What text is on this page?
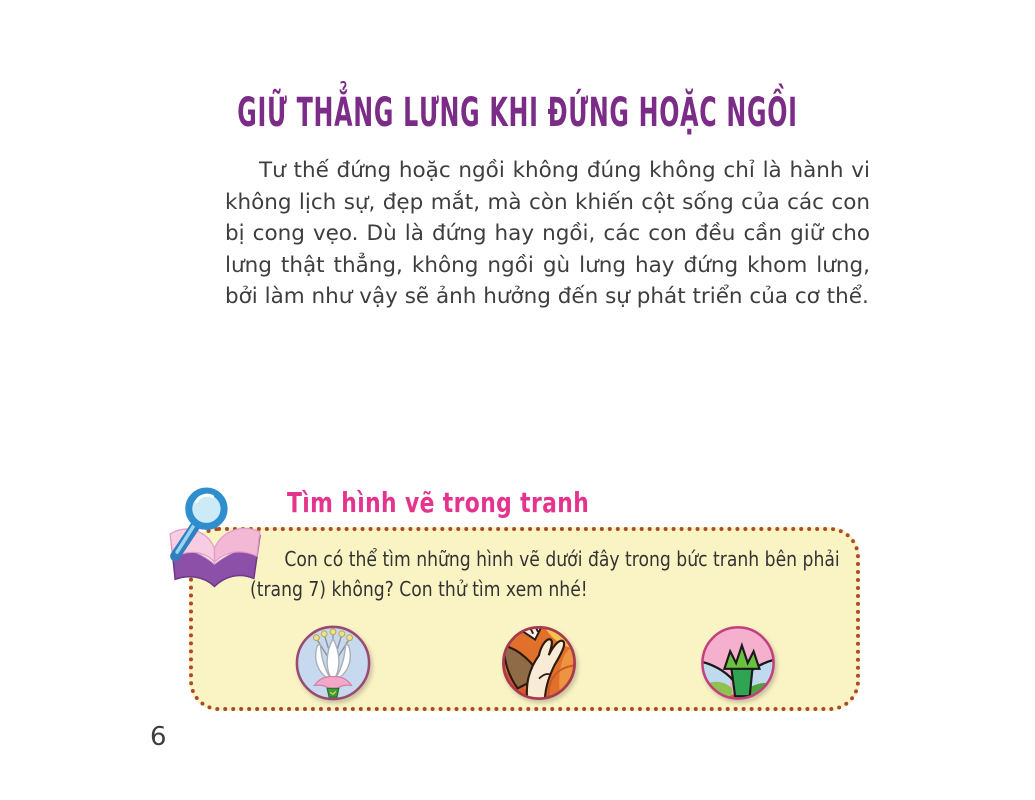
GIỮ THẲNG LƯNG KHI ĐỨNG HOẶC NGỒI

Tư thế đứng hoặc ngồi không đúng không chỉ là hành vi không lịch sự, đẹp mắt, mà còn khiến cột sống của các con bị cong vẹo. Dù là đứng hay ngồi, các con đều cần giữ cho lưng thật thẳng, không ngồi gù lưng hay đứng khom lưng, bởi làm như vậy sẽ ảnh hưởng đến sự phát triển của cơ thể.

Tìm hình vẽ trong tranh
Con có thể tìm những hình vẽ dưới đây trong bức tranh bên phải
(trang 7) không? Con thử tìm xem nhé!
6
